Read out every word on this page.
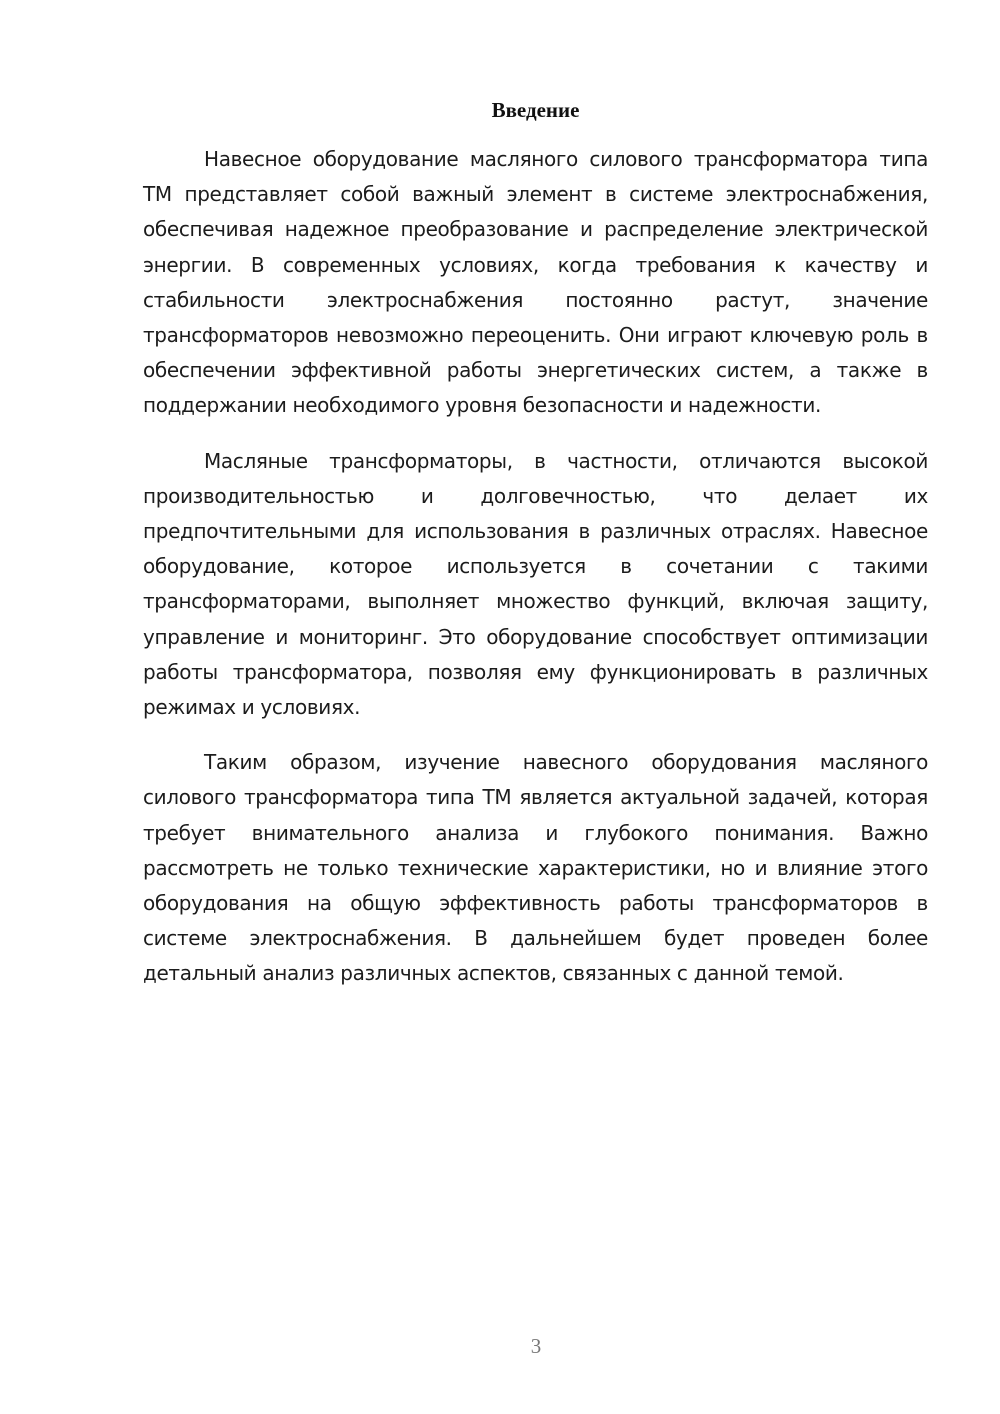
Введение

Навесное оборудование масляного силового трансформатора типа ТМ представляет собой важный элемент в системе электроснабжения, обеспечивая надежное преобразование и распределение электрической энергии. В современных условиях, когда требования к качеству и стабильности электроснабжения постоянно растут, значение трансформаторов невозможно переоценить. Они играют ключевую роль в обеспечении эффективной работы энергетических систем, а также в поддержании необходимого уровня безопасности и надежности.

Масляные трансформаторы, в частности, отличаются высокой производительностью и долговечностью, что делает их предпочтительными для использования в различных отраслях. Навесное оборудование, которое используется в сочетании с такими трансформаторами, выполняет множество функций, включая защиту, управление и мониторинг. Это оборудование способствует оптимизации работы трансформатора, позволяя ему функционировать в различных режимах и условиях.

Таким образом, изучение навесного оборудования масляного силового трансформатора типа ТМ является актуальной задачей, которая требует внимательного анализа и глубокого понимания. Важно рассмотреть не только технические характеристики, но и влияние этого оборудования на общую эффективность работы трансформаторов в системе электроснабжения. В дальнейшем будет проведен более детальный анализ различных аспектов, связанных с данной темой.

3
